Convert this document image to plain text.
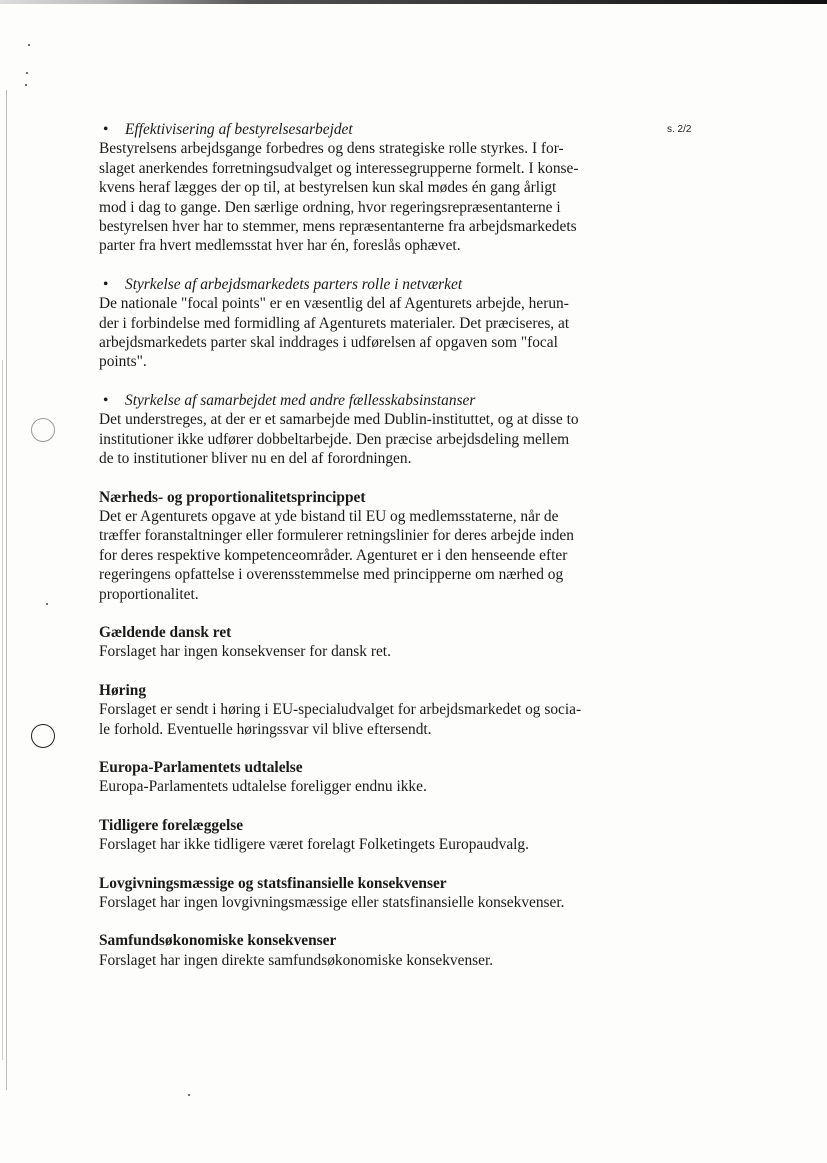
s. 2/2

• Effektivisering af bestyrelsesarbejdet

Bestyrelsens arbejdsgange forbedres og dens strategiske rolle styrkes. I for-

slaget anerkendes forretningsudvalget og interessegrupperne formelt. I konse-

kvens heraf lægges der op til, at bestyrelsen kun skal mødes én gang årligt

mod i dag to gange. Den særlige ordning, hvor regeringsrepræsentanterne i

bestyrelsen hver har to stemmer, mens repræsentanterne fra arbejdsmarkedets

parter fra hvert medlemsstat hver har én, foreslås ophævet.

• Styrkelse af arbejdsmarkedets parters rolle i netværket

De nationale "focal points" er en væsentlig del af Agenturets arbejde, herun-

der i forbindelse med formidling af Agenturets materialer. Det præciseres, at

arbejdsmarkedets parter skal inddrages i udførelsen af opgaven som "focal

points".

• Styrkelse af samarbejdet med andre fællesskabsinstanser

Det understreges, at der er et samarbejde med Dublin-instituttet, og at disse to

institutioner ikke udfører dobbeltarbejde. Den præcise arbejdsdeling mellem

de to institutioner bliver nu en del af forordningen.

Nærheds- og proportionalitetsprincippet

Det er Agenturets opgave at yde bistand til EU og medlemsstaterne, når de

træffer foranstaltninger eller formulerer retningslinier for deres arbejde inden

for deres respektive kompetenceområder. Agenturet er i den henseende efter

regeringens opfattelse i overensstemmelse med principperne om nærhed og

proportionalitet.

Gældende dansk ret

Forslaget har ingen konsekvenser for dansk ret.

Høring

Forslaget er sendt i høring i EU-specialudvalget for arbejdsmarkedet og socia-

le forhold. Eventuelle høringssvar vil blive eftersendt.

Europa-Parlamentets udtalelse

Europa-Parlamentets udtalelse foreligger endnu ikke.

Tidligere forelæggelse

Forslaget har ikke tidligere været forelagt Folketingets Europaudvalg.

Lovgivningsmæssige og statsfinansielle konsekvenser

Forslaget har ingen lovgivningsmæssige eller statsfinansielle konsekvenser.

Samfundsøkonomiske konsekvenser

Forslaget har ingen direkte samfundsøkonomiske konsekvenser.
